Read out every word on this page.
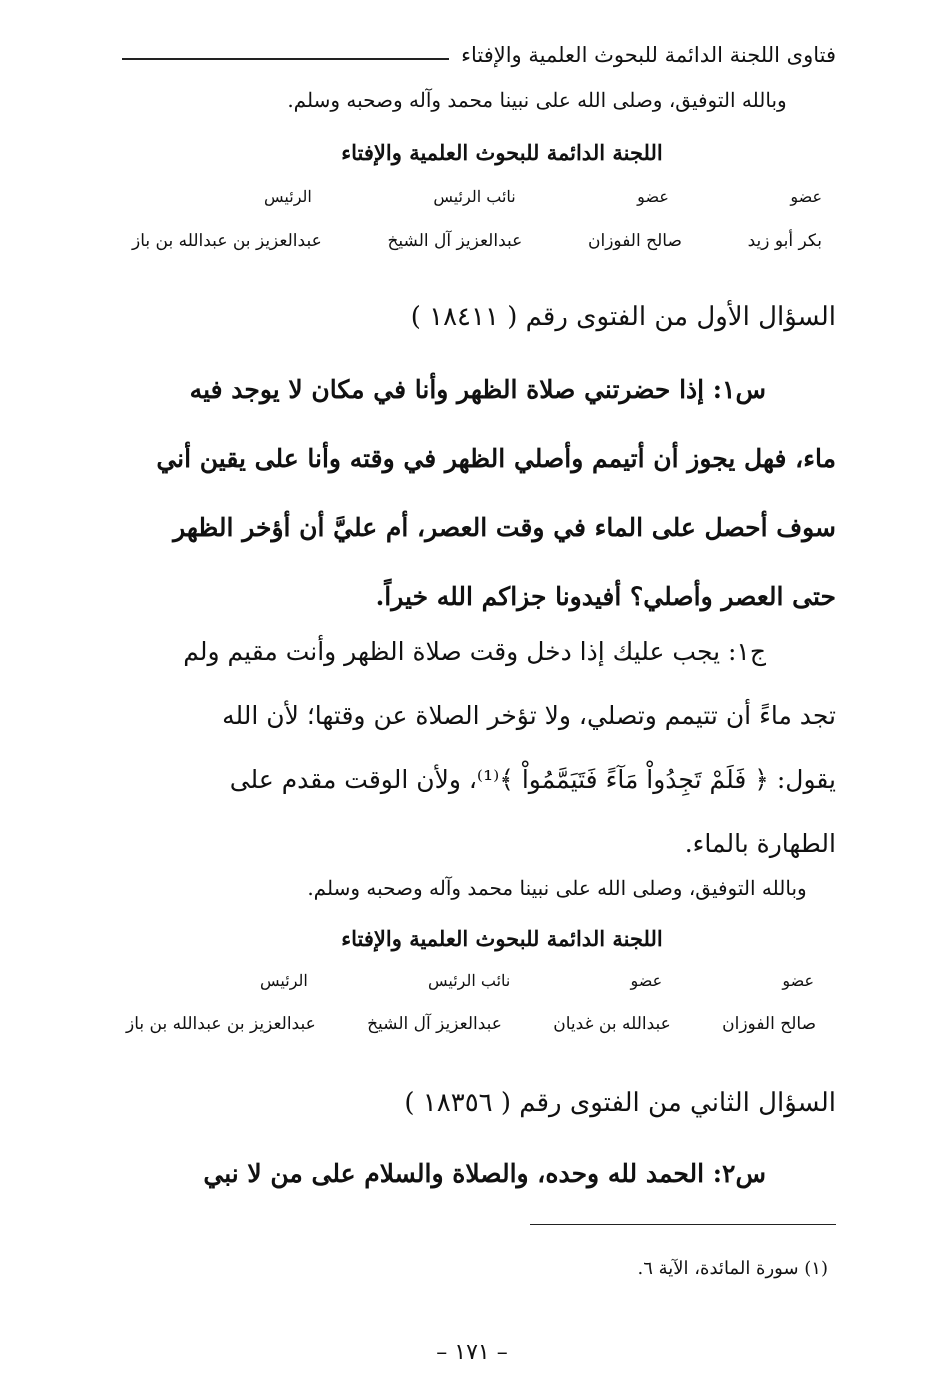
فتاوى اللجنة الدائمة للبحوث العلمية والإفتاء
وبالله التوفيق، وصلى الله على نبينا محمد وآله وصحبه وسلم.
اللجنة الدائمة للبحوث العلمية والإفتاء
عضو
عضو
نائب الرئيس
الرئيس
بكر أبو زيد
صالح الفوزان
عبدالعزيز آل الشيخ
عبدالعزيز بن عبدالله بن باز
السؤال الأول من الفتوى رقم ( ١٨٤١١ )
س١: إذا حضرتني صلاة الظهر وأنا في مكان لا يوجد فيه
ماء، فهل يجوز أن أتيمم وأصلي الظهر في وقته وأنا على يقين أني
سوف أحصل على الماء في وقت العصر، أم عليَّ أن أؤخر الظهر
حتى العصر وأصلي؟ أفيدونا جزاكم الله خيراً.
ج١: يجب عليك إذا دخل وقت صلاة الظهر وأنت مقيم ولم
تجد ماءً أن تتيمم وتصلي، ولا تؤخر الصلاة عن وقتها؛ لأن الله
يقول: ﴿ فَلَمْ تَجِدُواْ مَآءً فَتَيَمَّمُواْ ﴾⁽¹⁾، ولأن الوقت مقدم على
الطهارة بالماء.
وبالله التوفيق، وصلى الله على نبينا محمد وآله وصحبه وسلم.
اللجنة الدائمة للبحوث العلمية والإفتاء
عضو
عضو
نائب الرئيس
الرئيس
صالح الفوزان
عبدالله بن غديان
عبدالعزيز آل الشيخ
عبدالعزيز بن عبدالله بن باز
السؤال الثاني من الفتوى رقم ( ١٨٣٥٦ )
س٢: الحمد لله وحده، والصلاة والسلام على من لا نبي
(١) سورة المائدة، الآية ٦.
– ١٧١ –
